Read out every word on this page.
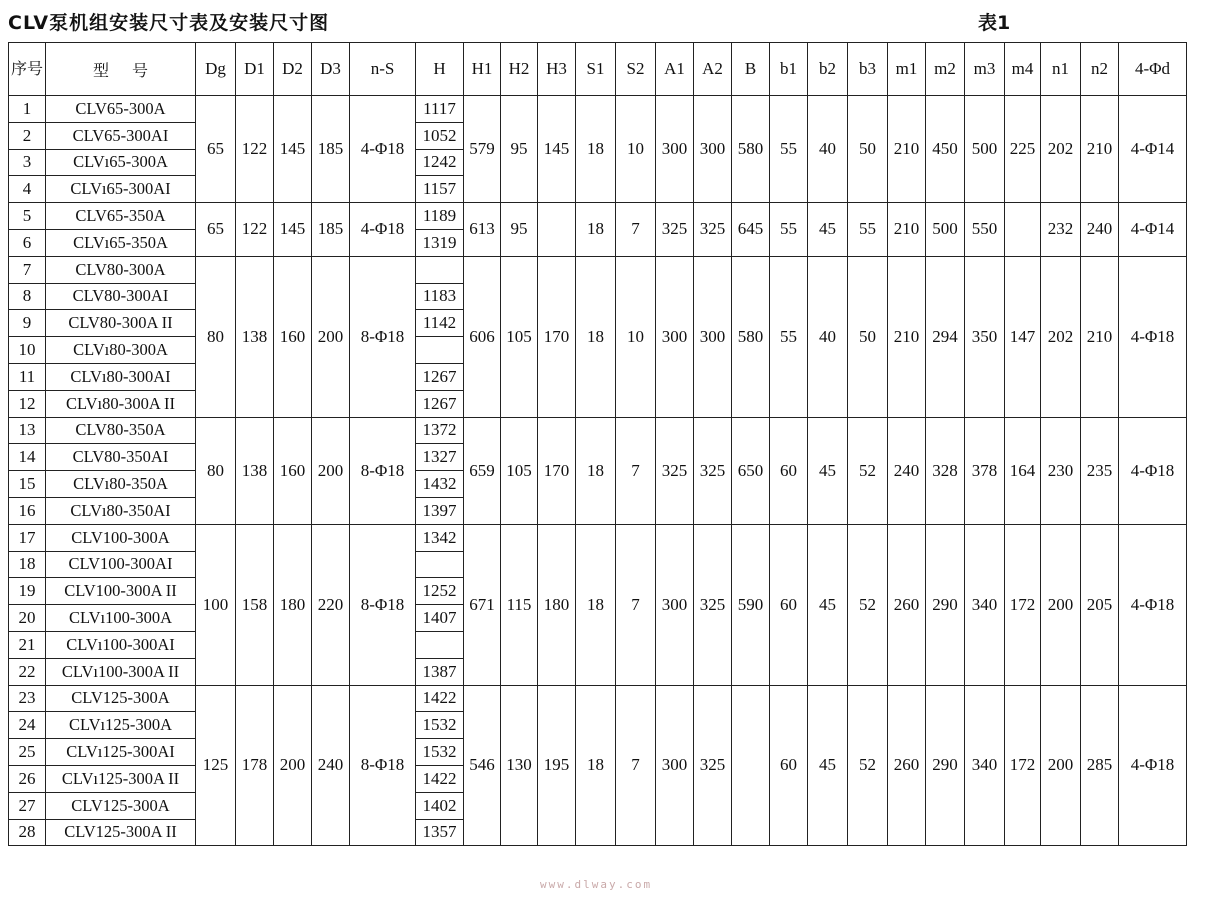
CLV泵机组安装尺寸表及安装尺寸图	表1
序号	型 号	Dg	D1	D2	D3	n-S	H	H1	H2	H3	S1	S2	A1	A2	B	b1	b2	b3	m1	m2	m3	m4	n1	n2	4-Φd
1	CLV65-300A	65	122	145	185	4-Φ18	1117	579	95	145	18	10	300	300	580	55	40	50	210	450	500	225	202	210	4-Φ14
2	CLV65-300AI						1052																		
3	CLVı65-300A						1242																		
4	CLVı65-300AI						1157																		
5	CLV65-350A	65	122	145	185	4-Φ18	1189	613	95		18	7	325	325	645	55	45	55	210	500	550		232	240	4-Φ14
6	CLVı65-350A						1319																		
7	CLV80-300A	80	138	160	200	8-Φ18		606	105	170	18	10	300	300	580	55	40	50	210	294	350	147	202	210	4-Φ18
8	CLV80-300AI						1183																		
9	CLV80-300A II						1142																		
10	CLVı80-300A																								
11	CLVı80-300AI						1267																		
12	CLVı80-300A II						1267																		
13	CLV80-350A	80	138	160	200	8-Φ18	1372	659	105	170	18	7	325	325	650	60	45	52	240	328	378	164	230	235	4-Φ18
14	CLV80-350AI						1327																		
15	CLVı80-350A						1432																		
16	CLVı80-350AI						1397																		
17	CLV100-300A	100	158	180	220	8-Φ18	1342	671	115	180	18	7	300	325	590	60	45	52	260	290	340	172	200	205	4-Φ18
18	CLV100-300AI																								
19	CLV100-300A II						1252																		
20	CLVı100-300A						1407																		
21	CLVı100-300AI																								
22	CLVı100-300A II						1387																		
23	CLV125-300A	125	178	200	240	8-Φ18	1422	546	130	195	18	7	300	325		60	45	52	260	290	340	172	200	285	4-Φ18
24	CLVı125-300A						1532																		
25	CLVı125-300AI						1532																		
26	CLVı125-300A II						1422																		
27	CLV125-300A						1402																		
28	CLV125-300A II						1357																		
www.dlway.com
